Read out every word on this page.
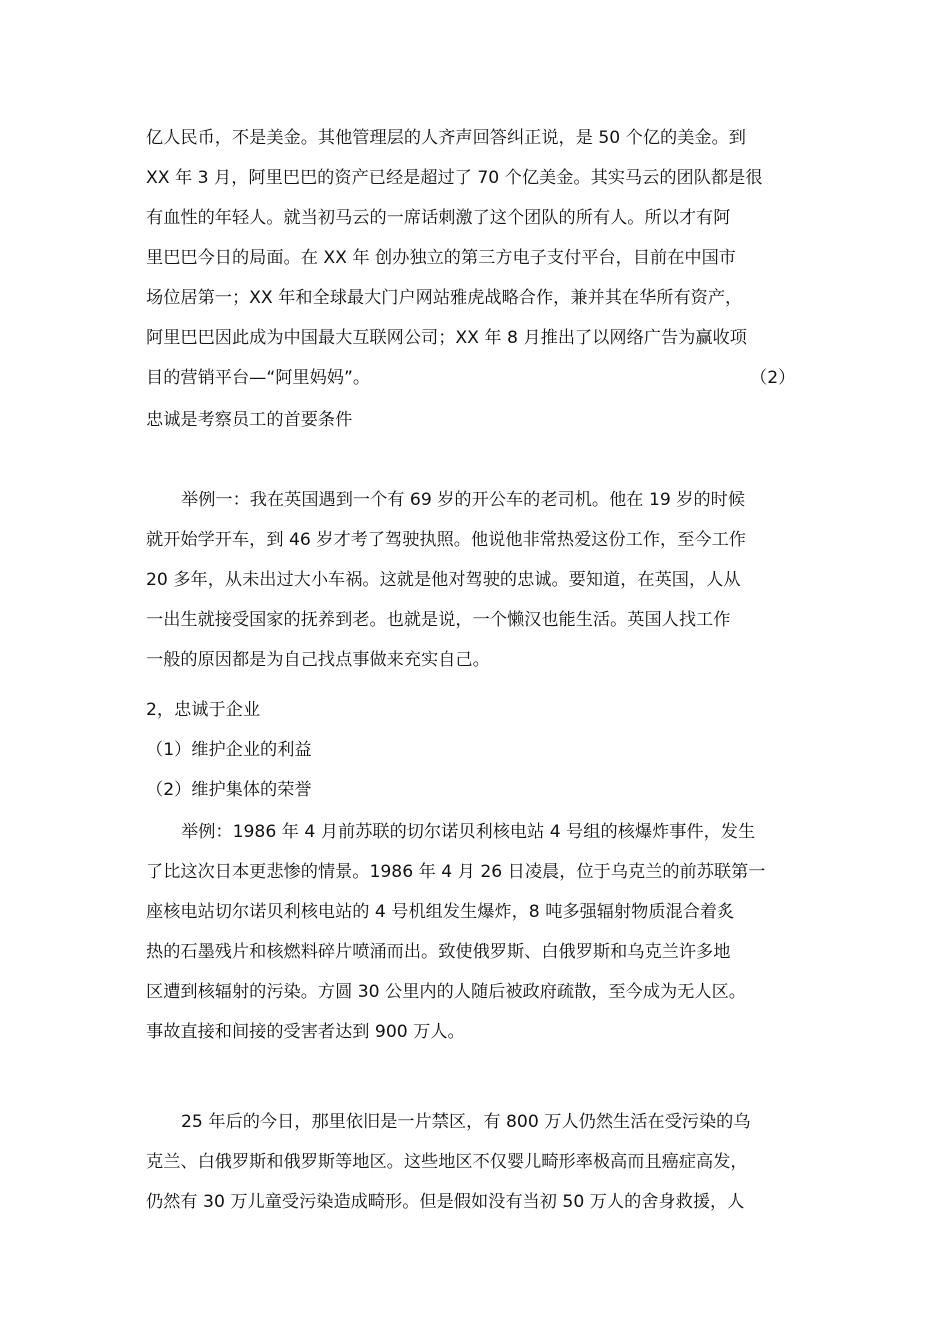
亿人民币，不是美金。其他管理层的人齐声回答纠正说，是 50 个亿的美金。到
XX 年 3 月，阿里巴巴的资产已经是超过了 70 个亿美金。其实马云的团队都是很
有血性的年轻人。就当初马云的一席话刺激了这个团队的所有人。所以才有阿
里巴巴今日的局面。在 XX 年 创办独立的第三方电子支付平台，目前在中国市
场位居第一；XX 年和全球最大门户网站雅虎战略合作，兼并其在华所有资产，
阿里巴巴因此成为中国最大互联网公司；XX 年 8 月推出了以网络广告为赢收项
目的营销平台—“阿里妈妈”。	（2）
忠诚是考察员工的首要条件
举例一：我在英国遇到一个有 69 岁的开公车的老司机。他在 19 岁的时候
就开始学开车，到 46 岁才考了驾驶执照。他说他非常热爱这份工作，至今工作
20 多年，从未出过大小车祸。这就是他对驾驶的忠诚。要知道，在英国，人从
一出生就接受国家的抚养到老。也就是说，一个懒汉也能生活。英国人找工作
一般的原因都是为自己找点事做来充实自己。
2，忠诚于企业
（1）维护企业的利益
（2）维护集体的荣誉
举例：1986 年 4 月前苏联的切尔诺贝利核电站 4 号组的核爆炸事件，发生
了比这次日本更悲惨的情景。1986 年 4 月 26 日凌晨，位于乌克兰的前苏联第一
座核电站切尔诺贝利核电站的 4 号机组发生爆炸，8 吨多强辐射物质混合着炙
热的石墨残片和核燃料碎片喷涌而出。致使俄罗斯、白俄罗斯和乌克兰许多地
区遭到核辐射的污染。方圆 30 公里内的人随后被政府疏散，至今成为无人区。
事故直接和间接的受害者达到 900 万人。
25 年后的今日，那里依旧是一片禁区，有 800 万人仍然生活在受污染的乌
克兰、白俄罗斯和俄罗斯等地区。这些地区不仅婴儿畸形率极高而且癌症高发，
仍然有 30 万儿童受污染造成畸形。但是假如没有当初 50 万人的舍身救援，人
